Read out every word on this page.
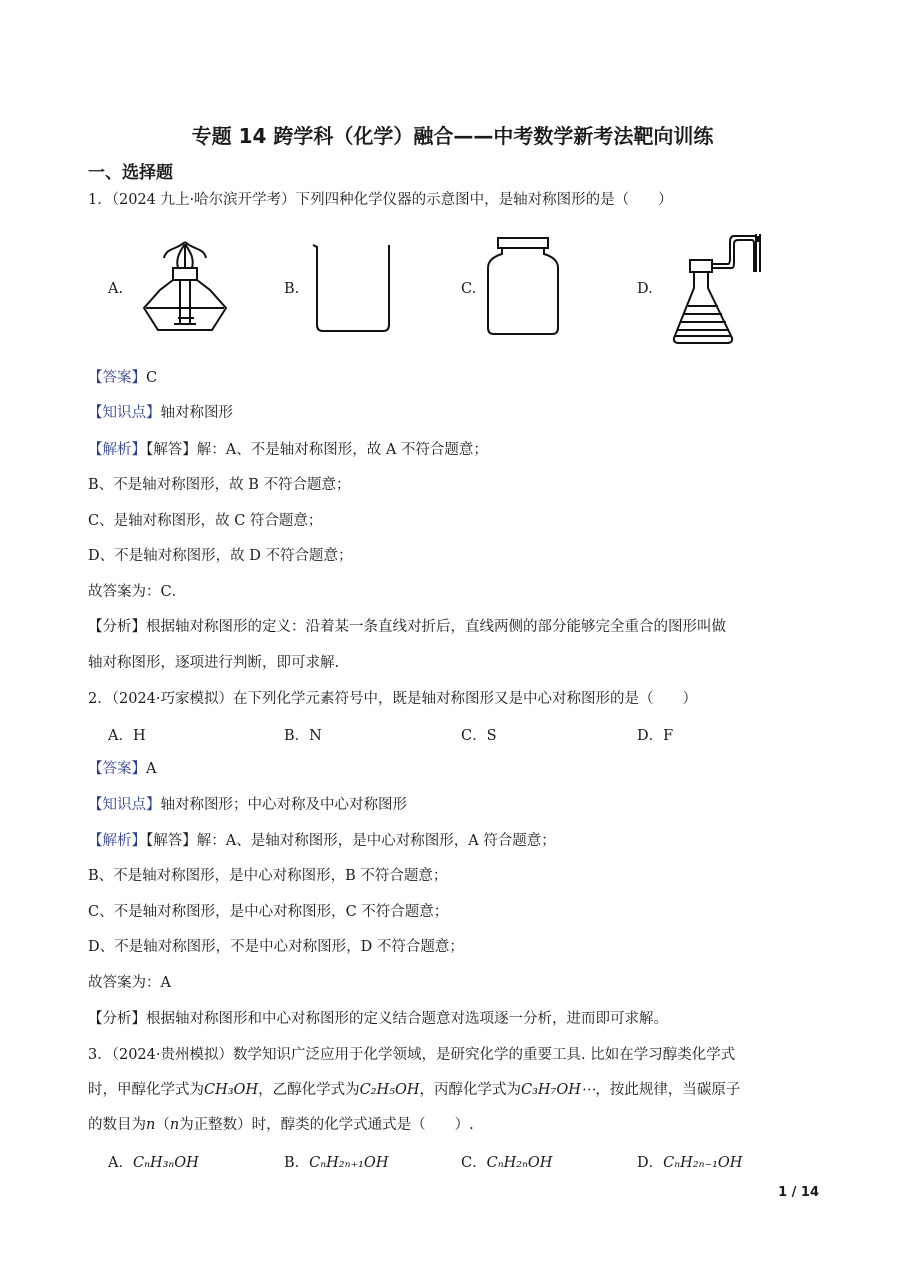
专题 14 跨学科（化学）融合——中考数学新考法靶向训练
一、选择题
1．（2024 九上·哈尔滨开学考）下列四种化学仪器的示意图中，是轴对称图形的是（　　）
A.	B.	C.	D.
【答案】C
【知识点】轴对称图形
【解析】【解答】解：A、不是轴对称图形，故 A 不符合题意；
B、不是轴对称图形，故 B 不符合题意；
C、是轴对称图形，故 C 符合题意；
D、不是轴对称图形，故 D 不符合题意；
故答案为：C．
【分析】根据轴对称图形的定义：沿着某一条直线对折后，直线两侧的部分能够完全重合的图形叫做
轴对称图形，逐项进行判断，即可求解.
2．（2024·巧家模拟）在下列化学元素符号中，既是轴对称图形又是中心对称图形的是（　　）
A．H	B．N	C．S	D．F
【答案】A
【知识点】轴对称图形；中心对称及中心对称图形
【解析】【解答】解：A、是轴对称图形，是中心对称图形，A 符合题意；
B、不是轴对称图形，是中心对称图形，B 不符合题意；
C、不是轴对称图形，是中心对称图形，C 不符合题意；
D、不是轴对称图形，不是中心对称图形，D 不符合题意；
故答案为：A
【分析】根据轴对称图形和中心对称图形的定义结合题意对选项逐一分析，进而即可求解。
3．（2024·贵州模拟）数学知识广泛应用于化学领域，是研究化学的重要工具. 比如在学习醇类化学式
时，甲醇化学式为CH₃OH，乙醇化学式为C₂H₅OH，丙醇化学式为C₃H₇OH⋯，按此规律，当碳原子
的数目为n（n为正整数）时，醇类的化学式通式是（　　）.
A．CₙH₃ₙOH	B．CₙH₂ₙ₊₁OH	C．CₙH₂ₙOH	D．CₙH₂ₙ₋₁OH
1 / 14
